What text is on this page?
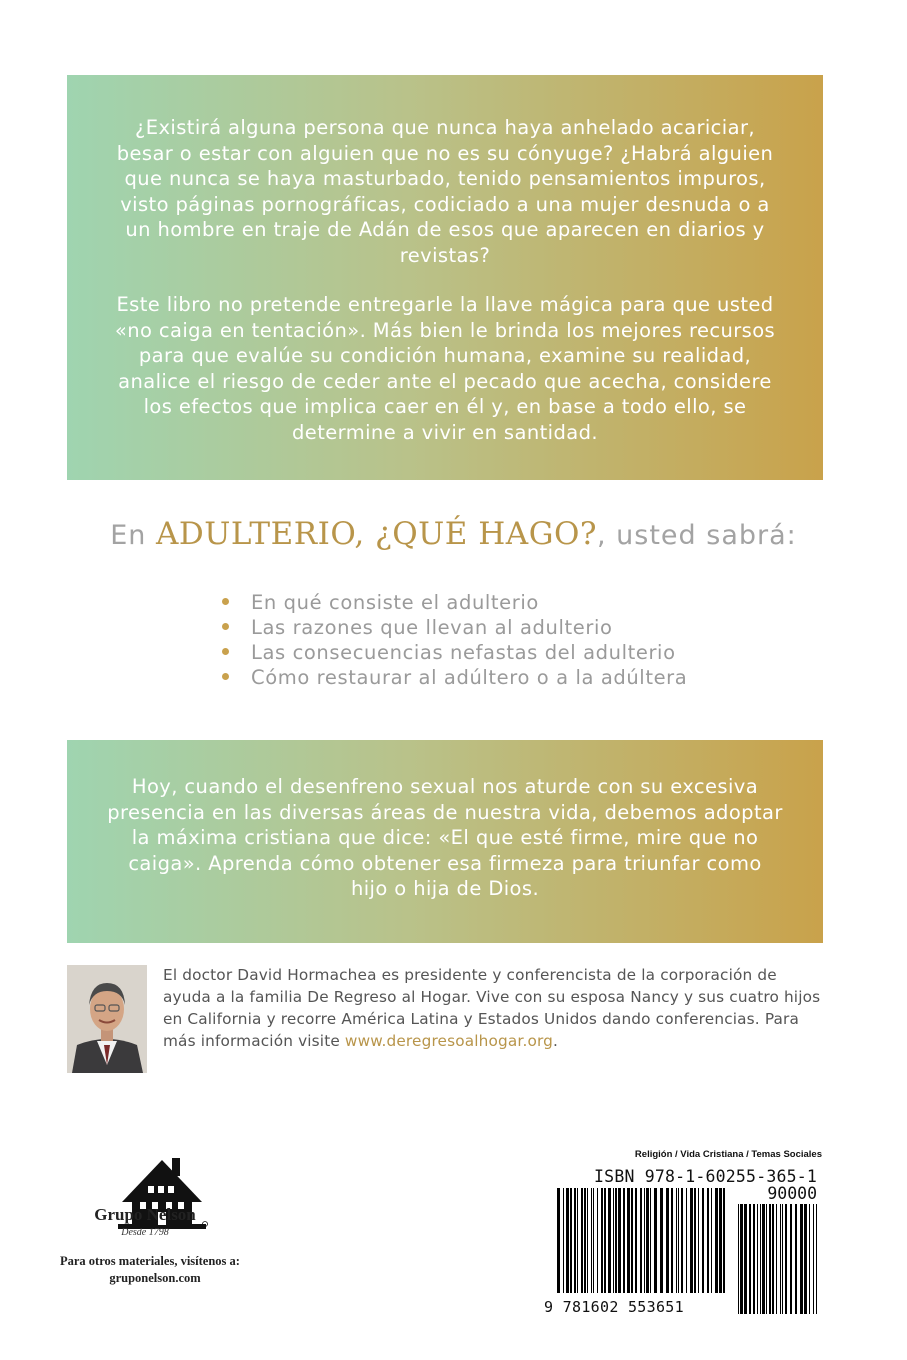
¿Existirá alguna persona que nunca haya anhelado acariciar, besar o estar con alguien que no es su cónyuge? ¿Habrá alguien que nunca se haya masturbado, tenido pensamientos impuros, visto páginas pornográficas, codiciado a una mujer desnuda o a un hombre en traje de Adán de esos que aparecen en diarios y revistas?

Este libro no pretende entregarle la llave mágica para que usted «no caiga en tentación». Más bien le brinda los mejores recursos para que evalúe su condición humana, examine su realidad, analice el riesgo de ceder ante el pecado que acecha, considere los efectos que implica caer en él y, en base a todo ello, se determine a vivir en santidad.

En ADULTERIO, ¿QUÉ HAGO?, usted sabrá:
En qué consiste el adulterio
Las razones que llevan al adulterio
Las consecuencias nefastas del adulterio
Cómo restaurar al adúltero o a la adúltera

Hoy, cuando el desenfreno sexual nos aturde con su excesiva presencia en las diversas áreas de nuestra vida, debemos adoptar la máxima cristiana que dice: «El que esté firme, mire que no caiga». Aprenda cómo obtener esa firmeza para triunfar como hijo o hija de Dios.

El doctor David Hormachea es presidente y conferencista de la corporación de ayuda a la familia De Regreso al Hogar. Vive con su esposa Nancy y sus cuatro hijos en California y recorre América Latina y Estados Unidos dando conferencias. Para más información visite www.deregresoalhogar.org.

Grupo Nelson
Desde 1798
Para otros materiales, visítenos a:
gruponelson.com
Religión / Vida Cristiana / Temas Sociales
ISBN 978-1-60255-365-1
90000
9 781602 553651
